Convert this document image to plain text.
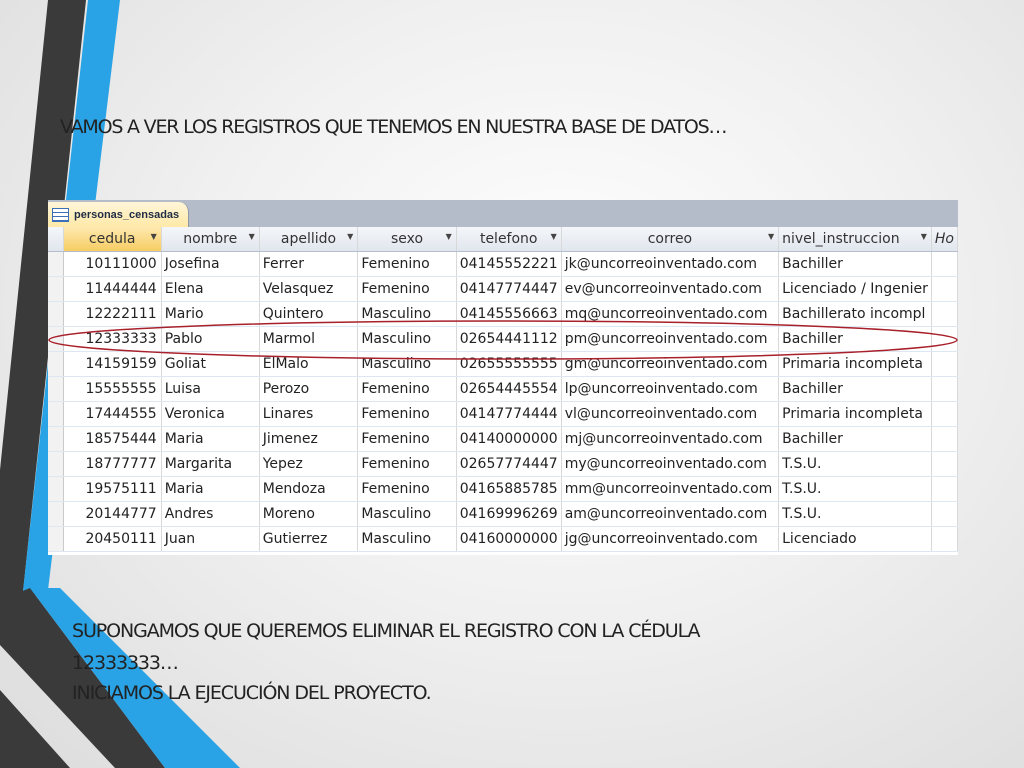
VAMOS A VER LOS REGISTROS QUE TENEMOS EN NUESTRA BASE DE DATOS…
personas_censadas
	cedula ▼	nombre ▼	apellido ▼	sexo ▼	telefono ▼	correo ▼	nivel_instruccion ▼	Ho
	10111000	Josefina	Ferrer	Femenino	04145552221	jk@uncorreoinventado.com	Bachiller	
	11444444	Elena	Velasquez	Femenino	04147774447	ev@uncorreoinventado.com	Licenciado / Ingenier	
	12222111	Mario	Quintero	Masculino	04145556663	mq@uncorreoinventado.com	Bachillerato incompl	
	12333333	Pablo	Marmol	Masculino	02654441112	pm@uncorreoinventado.com	Bachiller	
	14159159	Goliat	ElMalo	Masculino	02655555555	gm@uncorreoinventado.com	Primaria incompleta	
	15555555	Luisa	Perozo	Femenino	02654445554	lp@uncorreoinventado.com	Bachiller	
	17444555	Veronica	Linares	Femenino	04147774444	vl@uncorreoinventado.com	Primaria incompleta	
	18575444	Maria	Jimenez	Femenino	04140000000	mj@uncorreoinventado.com	Bachiller	
	18777777	Margarita	Yepez	Femenino	02657774447	my@uncorreoinventado.com	T.S.U.	
	19575111	Maria	Mendoza	Femenino	04165885785	mm@uncorreoinventado.com	T.S.U.	
	20144777	Andres	Moreno	Masculino	04169996269	am@uncorreoinventado.com	T.S.U.	
	20450111	Juan	Gutierrez	Masculino	04160000000	jg@uncorreoinventado.com	Licenciado	
SUPONGAMOS QUE QUEREMOS ELIMINAR EL REGISTRO CON LA CÉDULA
12333333…
INICIAMOS LA EJECUCIÓN DEL PROYECTO.
